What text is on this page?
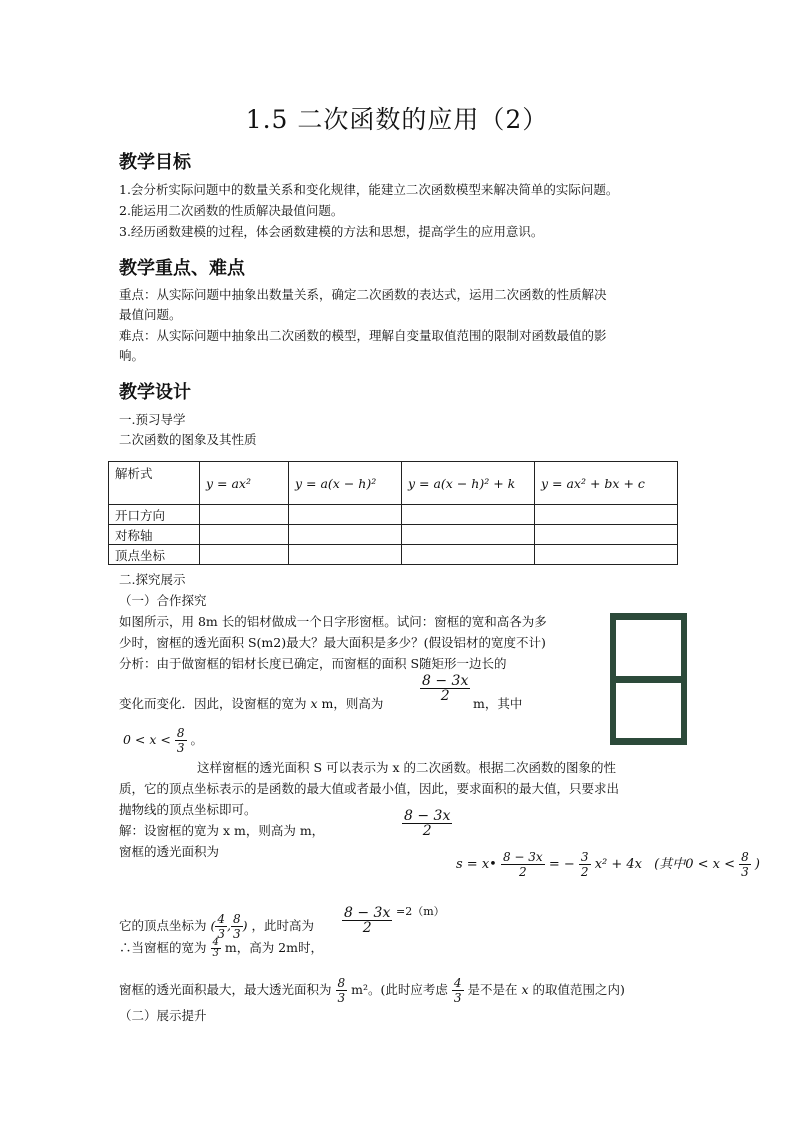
1.5 二次函数的应用（2）
教学目标
1.会分析实际问题中的数量关系和变化规律，能建立二次函数模型来解决简单的实际问题。
2.能运用二次函数的性质解决最值问题。
3.经历函数建模的过程，体会函数建模的方法和思想，提高学生的应用意识。
教学重点、难点
重点：从实际问题中抽象出数量关系，确定二次函数的表达式，运用二次函数的性质解决
最值问题。
难点：从实际问题中抽象出二次函数的模型，理解自变量取值范围的限制对函数最值的影
响。
教学设计
一.预习导学
二次函数的图象及其性质
解析式	y = ax²	y = a(x − h)²	y = a(x − h)² + k	y = ax² + bx + c
开口方向				
对称轴				
顶点坐标				
二.探究展示
（一）合作探究
如图所示，用 8m 长的铝材做成一个日字形窗框。试问：窗框的宽和高各为多
少时，窗框的透光面积 S(m2)最大？最大面积是多少？(假设铝材的宽度不计)
分析：由于做窗框的铝材长度已确定，而窗框的面积 S随矩形一边长的
变化而变化．因此，设窗框的宽为 x m，则高为
$\frac{8 - 3x}{2}$
m，其中
$0 < x < \frac{8}{3}$ 。
这样窗框的透光面积 S 可以表示为 x 的二次函数。根据二次函数的图象的性
质，它的顶点坐标表示的是函数的最大值或者最小值，因此，要求面积的最大值，只要求出
抛物线的顶点坐标即可。
解：设窗框的宽为 x m，则高为 m，	$\frac{8 - 3x}{2}$
窗框的透光面积为
s = x• $\frac{8 - 3x}{2}$ = − $\frac{3}{2} x^2 + 4x$ (其中$0 < x < \frac{8}{3}$ )
它的顶点坐标为 ( $\frac{4}{3}$ , $\frac{8}{3}$ ) ，此时高为 $\frac{8 - 3x}{2} =2(m)$
∴当窗框的宽为 $\frac{4}{3}$ m，高为 2m时，
窗框的透光面积最大，最大透光面积为 $\frac{8}{3} m^2$。(此时应考虑 $\frac{4}{3}$ 是不是在 x 的取值范围之内)
（二）展示提升
